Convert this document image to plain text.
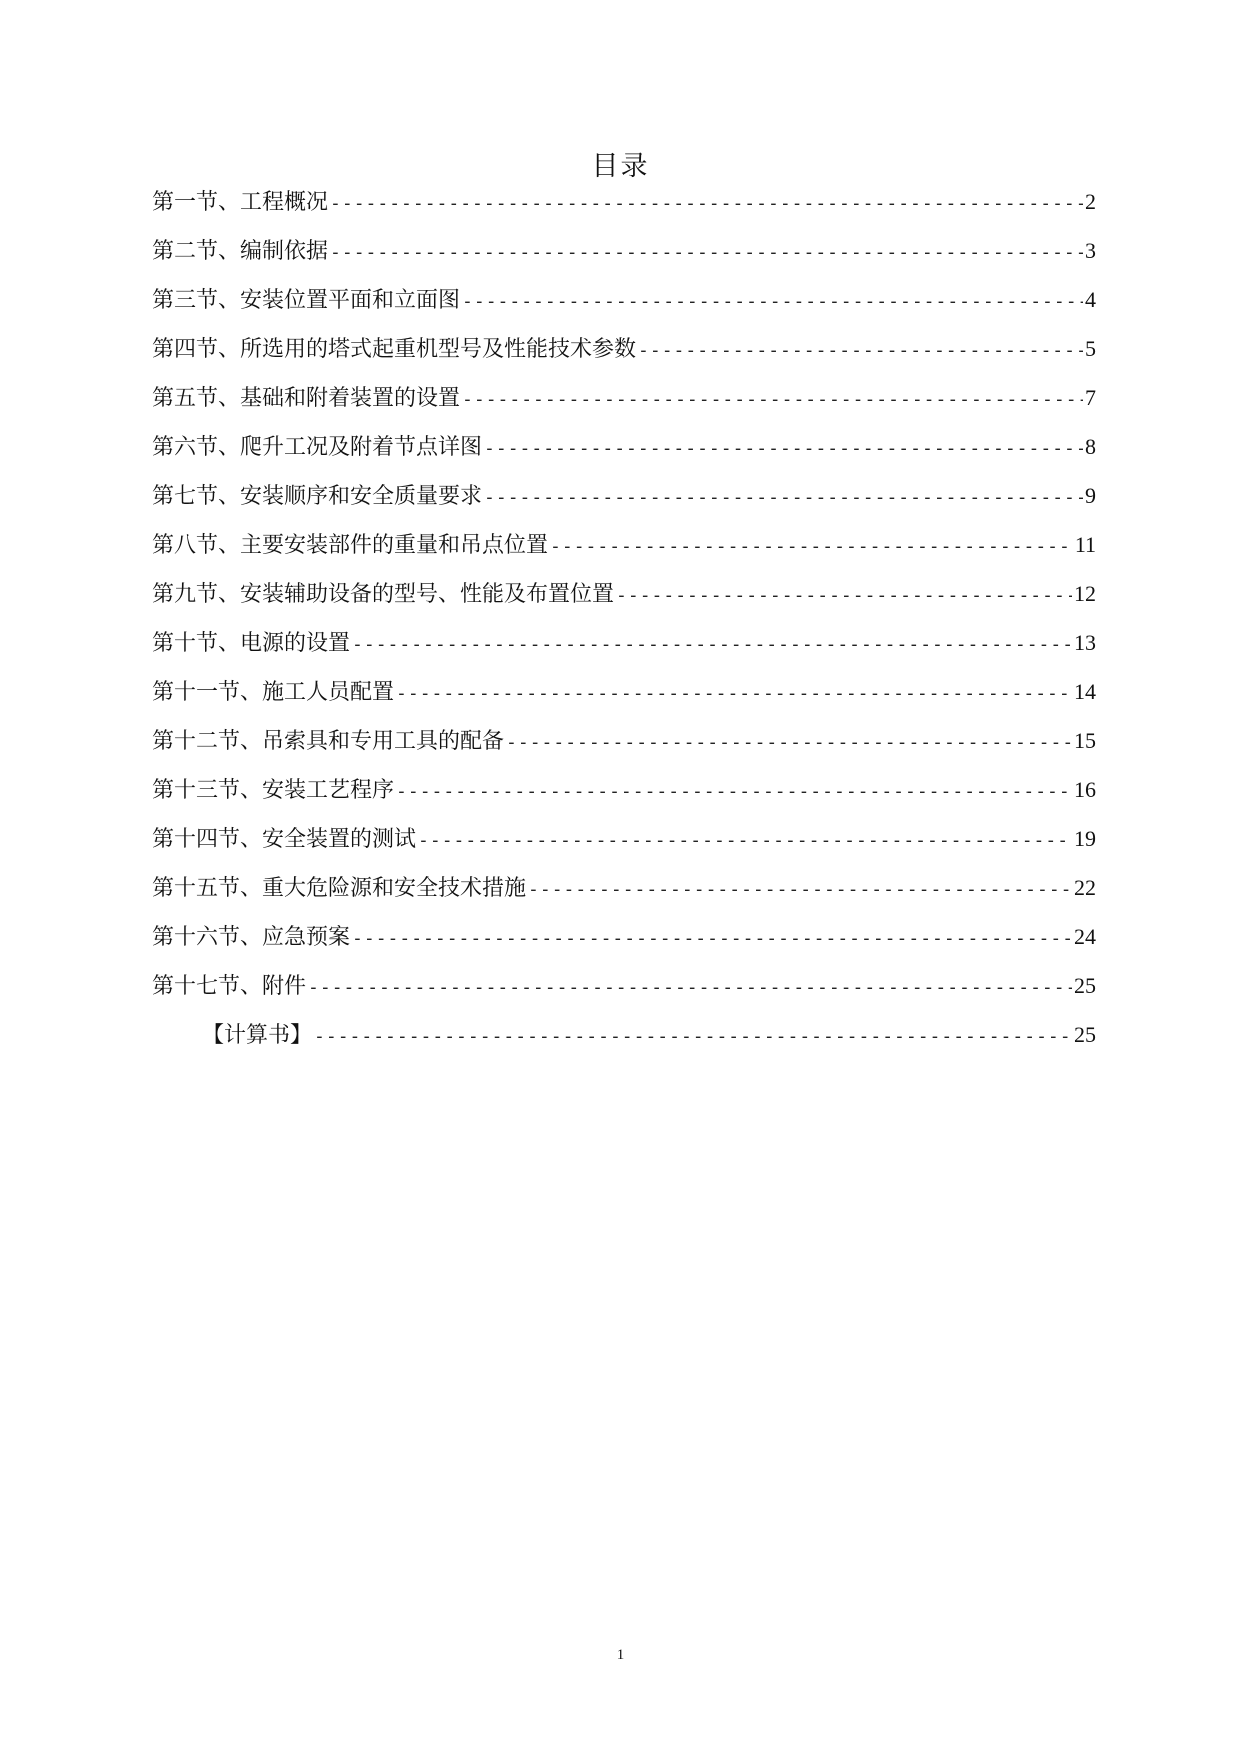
目录
第一节、工程概况 -----	2
第二节、编制依据 -----	3
第三节、安装位置平面和立面图 -----	4
第四节、所选用的塔式起重机型号及性能技术参数 -----	5
第五节、基础和附着装置的设置 -----	7
第六节、爬升工况及附着节点详图 -----	8
第七节、安装顺序和安全质量要求 -----	9
第八节、主要安装部件的重量和吊点位置 -----	11
第九节、安装辅助设备的型号、性能及布置位置 -----	12
第十节、电源的设置 -----	13
第十一节、施工人员配置 -----	14
第十二节、吊索具和专用工具的配备 -----	15
第十三节、安装工艺程序 -----	16
第十四节、安全装置的测试 -----	19
第十五节、重大危险源和安全技术措施 -----	22
第十六节、应急预案 -----	24
第十七节、附件 -----	25
【计算书】 -----	25
1
